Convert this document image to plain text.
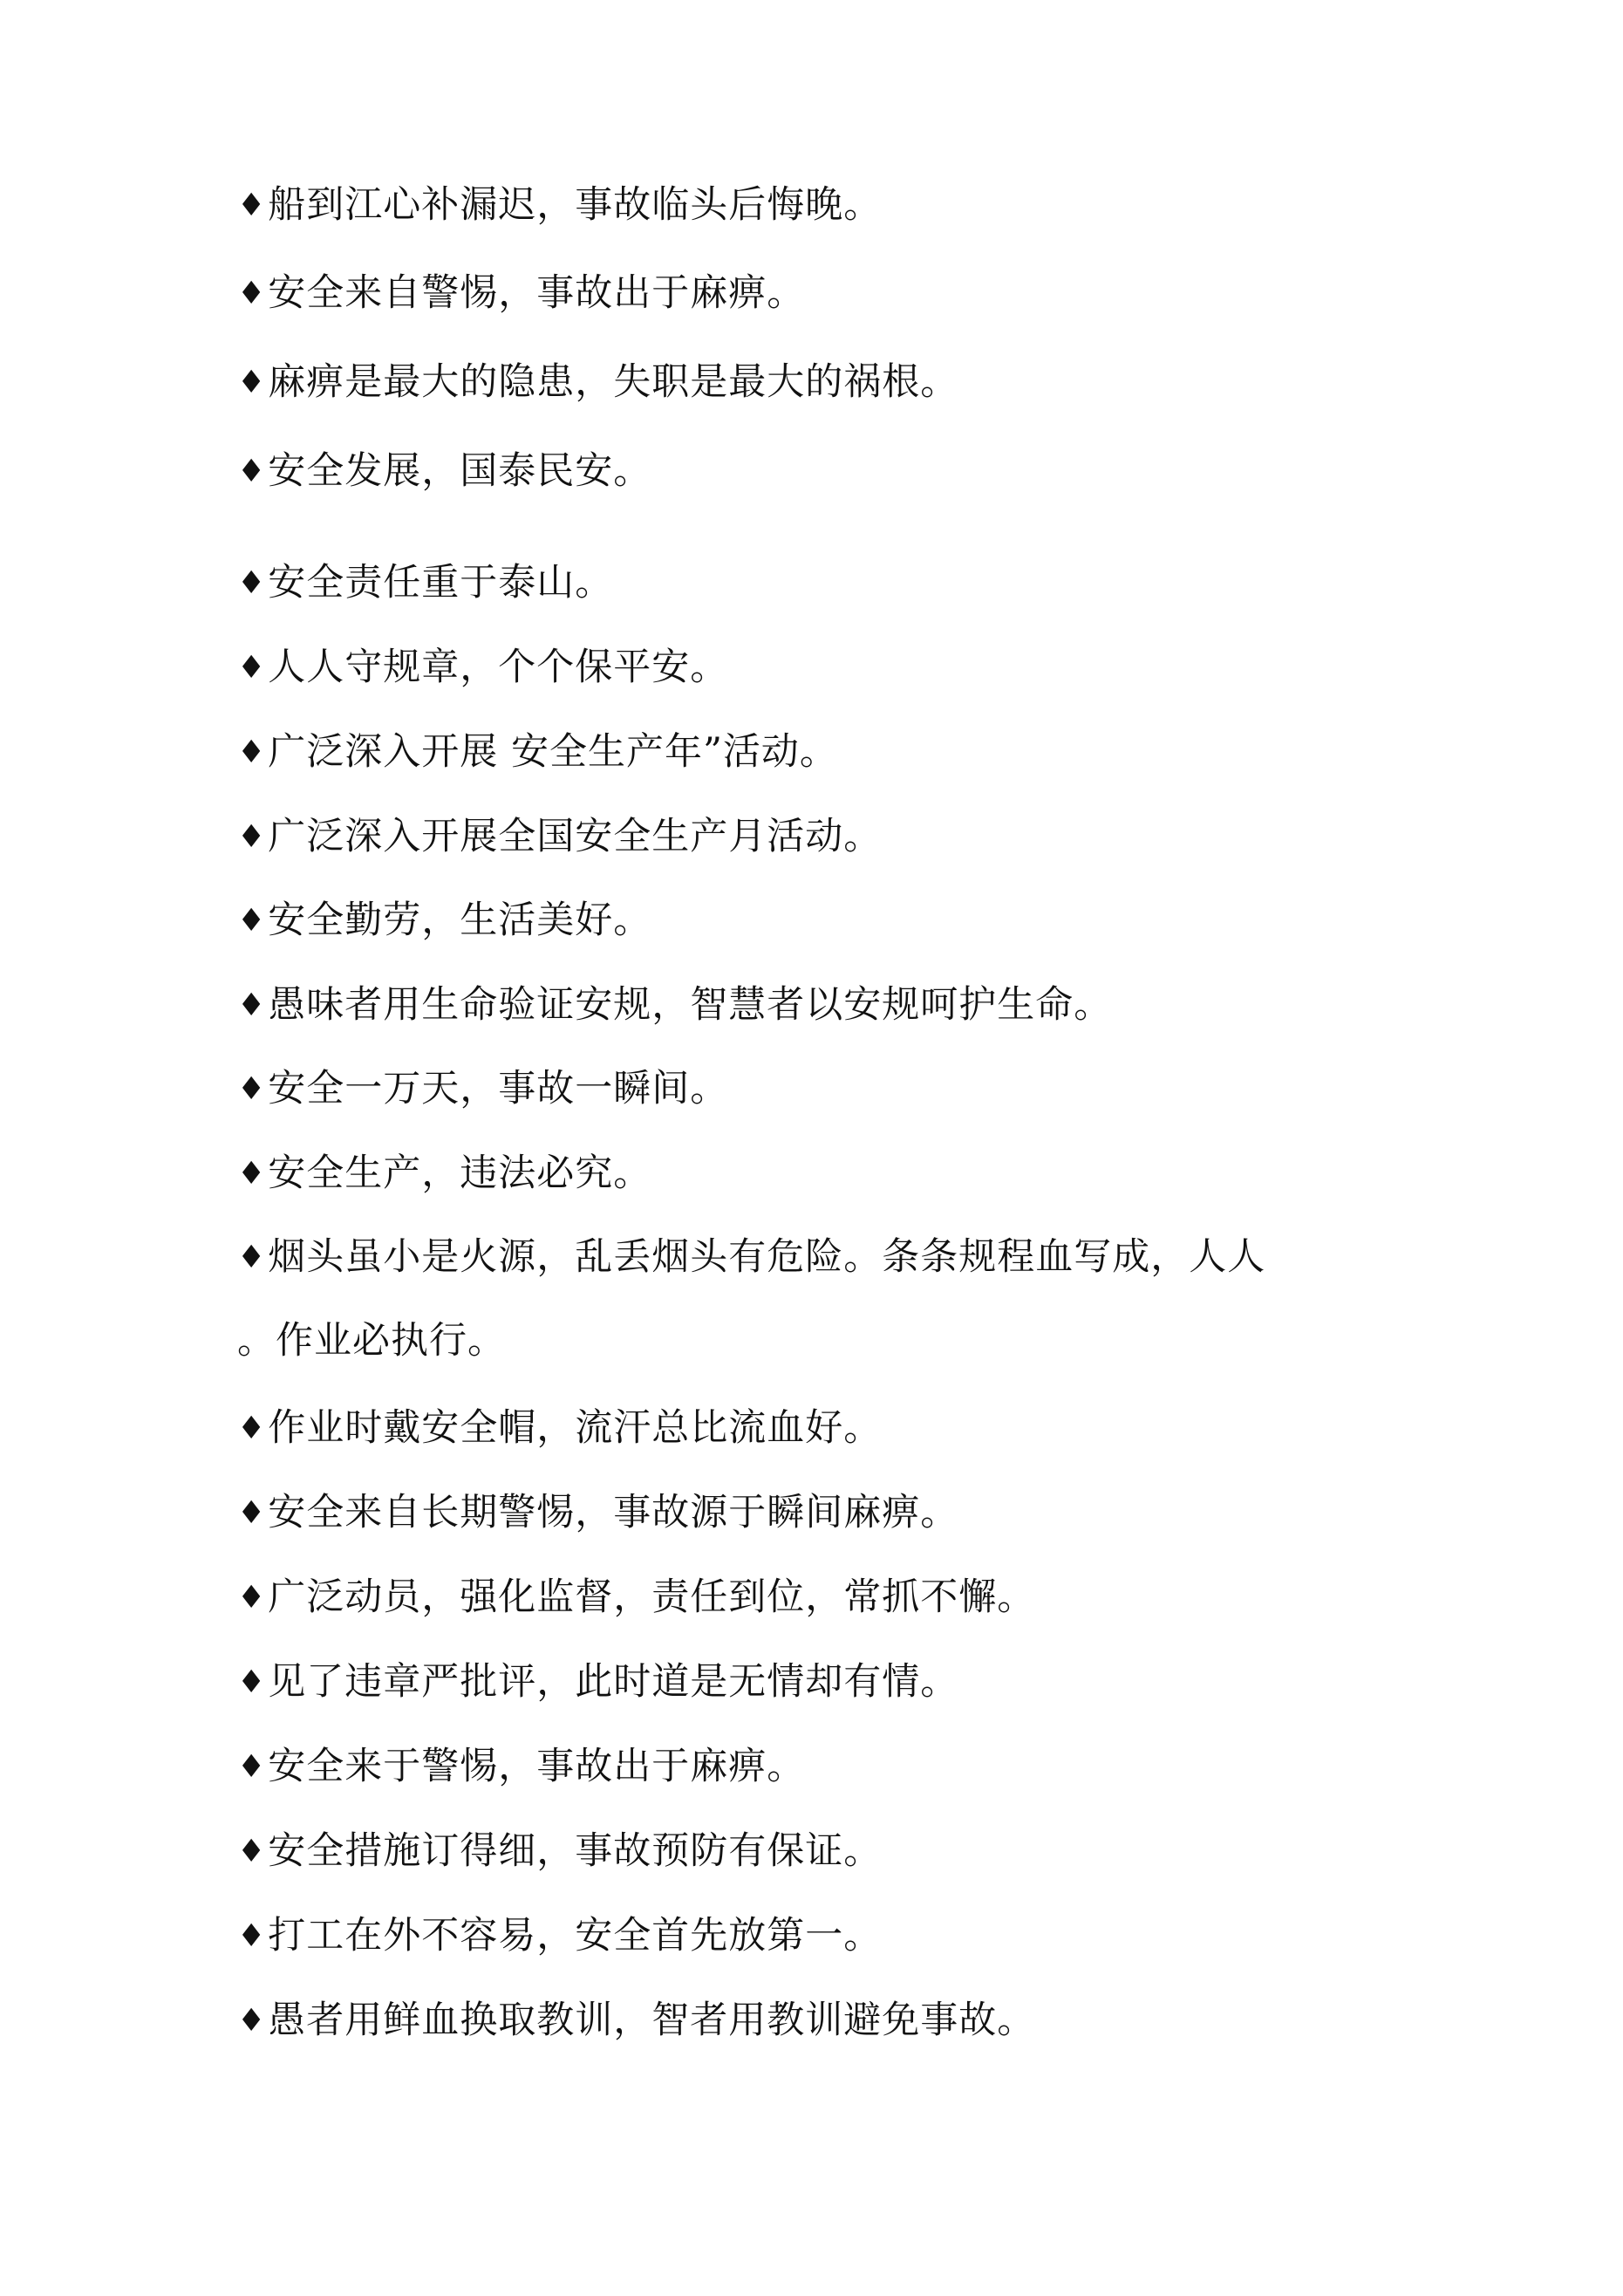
♦船到江心补漏迟，事故临头后悔晚。
♦安全来自警惕，事故出于麻痹。
♦麻痹是最大的隐患，失职是最大的祸根。
♦安全发展，国泰民安。
♦安全责任重于泰山。
♦人人守规章，个个保平安。
♦广泛深入开展 安全生产年”活动。
♦广泛深入开展全国安全生产月活动。
♦安全勤劳，生活美好。
♦愚味者用生命验证安规，智慧者以安规呵护生命。
♦安全一万天，事故一瞬间。
♦安全生产，违法必究。
♦烟头虽小是火源，乱丢烟头有危险。条条规程血写成，人人
。作业必执行。
♦作业时戴安全帽，流汗总比流血好。
♦安全来自长期警惕，事故源于瞬间麻痹。
♦广泛动员，强化监督，责任到位，常抓不懈。
♦见了违章严批评，此时道是无情却有情。
♦安全来于警惕，事故出于麻痹。
♦安全措施订得细，事故预防有保证。
♦打工在外不容易，安全首先放第一。
♦愚者用鲜血换取教训，智者用教训避免事故。
